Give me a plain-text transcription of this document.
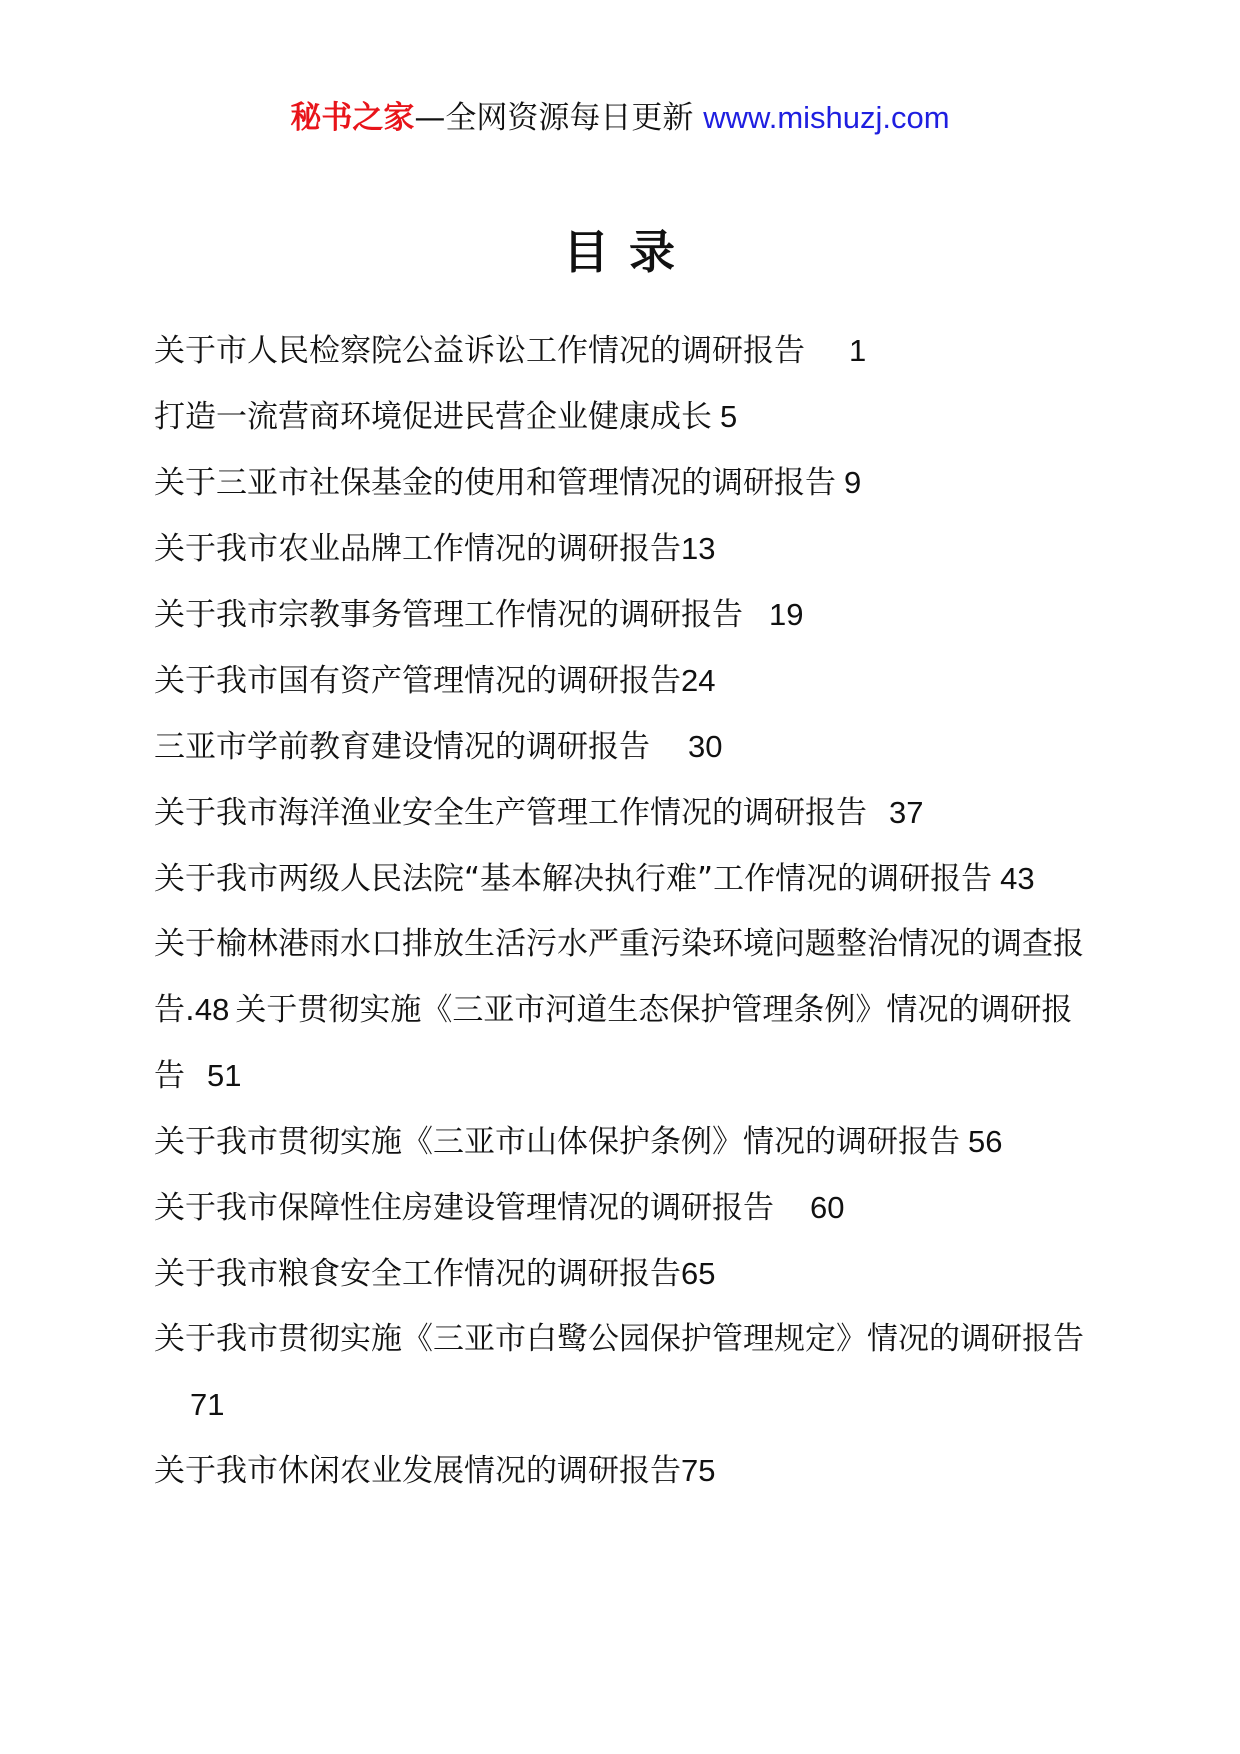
秘书之家—全网资源每日更新 www.mishuzj.com
目 录
关于市人民检察院公益诉讼工作情况的调研报告 1
打造一流营商环境促进民营企业健康成长 5
关于三亚市社保基金的使用和管理情况的调研报告 9
关于我市农业品牌工作情况的调研报告13
关于我市宗教事务管理工作情况的调研报告 19
关于我市国有资产管理情况的调研报告24
三亚市学前教育建设情况的调研报告 30
关于我市海洋渔业安全生产管理工作情况的调研报告 37
关于我市两级人民法院“基本解决执行难”工作情况的调研报告 43
关于榆林港雨水口排放生活污水严重污染环境问题整治情况的调查报告.48 关于贯彻实施《三亚市河道生态保护管理条例》情况的调研报告 51
关于我市贯彻实施《三亚市山体保护条例》情况的调研报告 56
关于我市保障性住房建设管理情况的调研报告 60
关于我市粮食安全工作情况的调研报告65
关于我市贯彻实施《三亚市白鹭公园保护管理规定》情况的调研报告71
关于我市休闲农业发展情况的调研报告75
